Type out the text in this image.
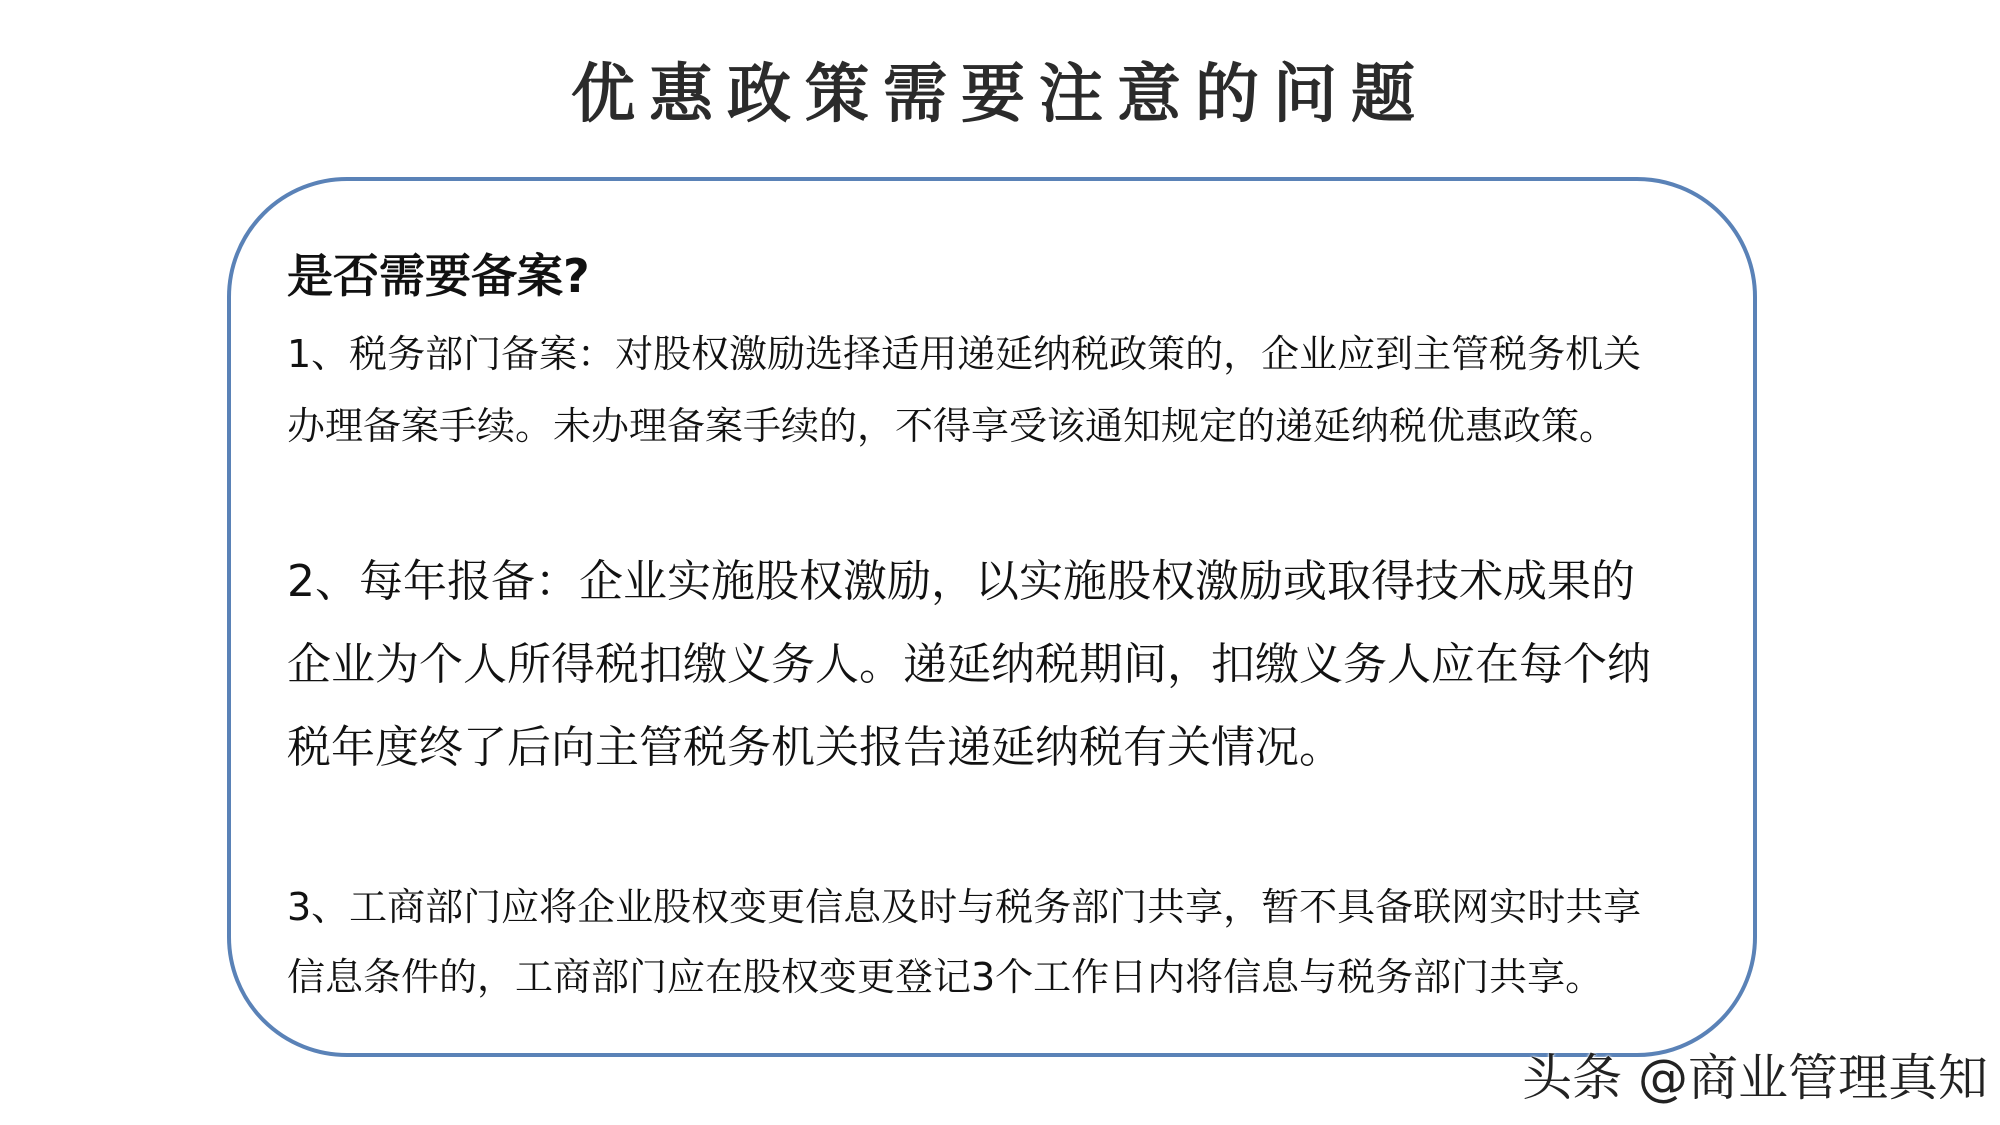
优惠政策需要注意的问题
是否需要备案?
1、税务部门备案：对股权激励选择适用递延纳税政策的，企业应到主管税务机关
办理备案手续。未办理备案手续的，不得享受该通知规定的递延纳税优惠政策。
2、每年报备：企业实施股权激励，以实施股权激励或取得技术成果的
企业为个人所得税扣缴义务人。递延纳税期间，扣缴义务人应在每个纳
税年度终了后向主管税务机关报告递延纳税有关情况。
3、工商部门应将企业股权变更信息及时与税务部门共享，暂不具备联网实时共享
信息条件的，工商部门应在股权变更登记3个工作日内将信息与税务部门共享。
头条 @商业管理真知
